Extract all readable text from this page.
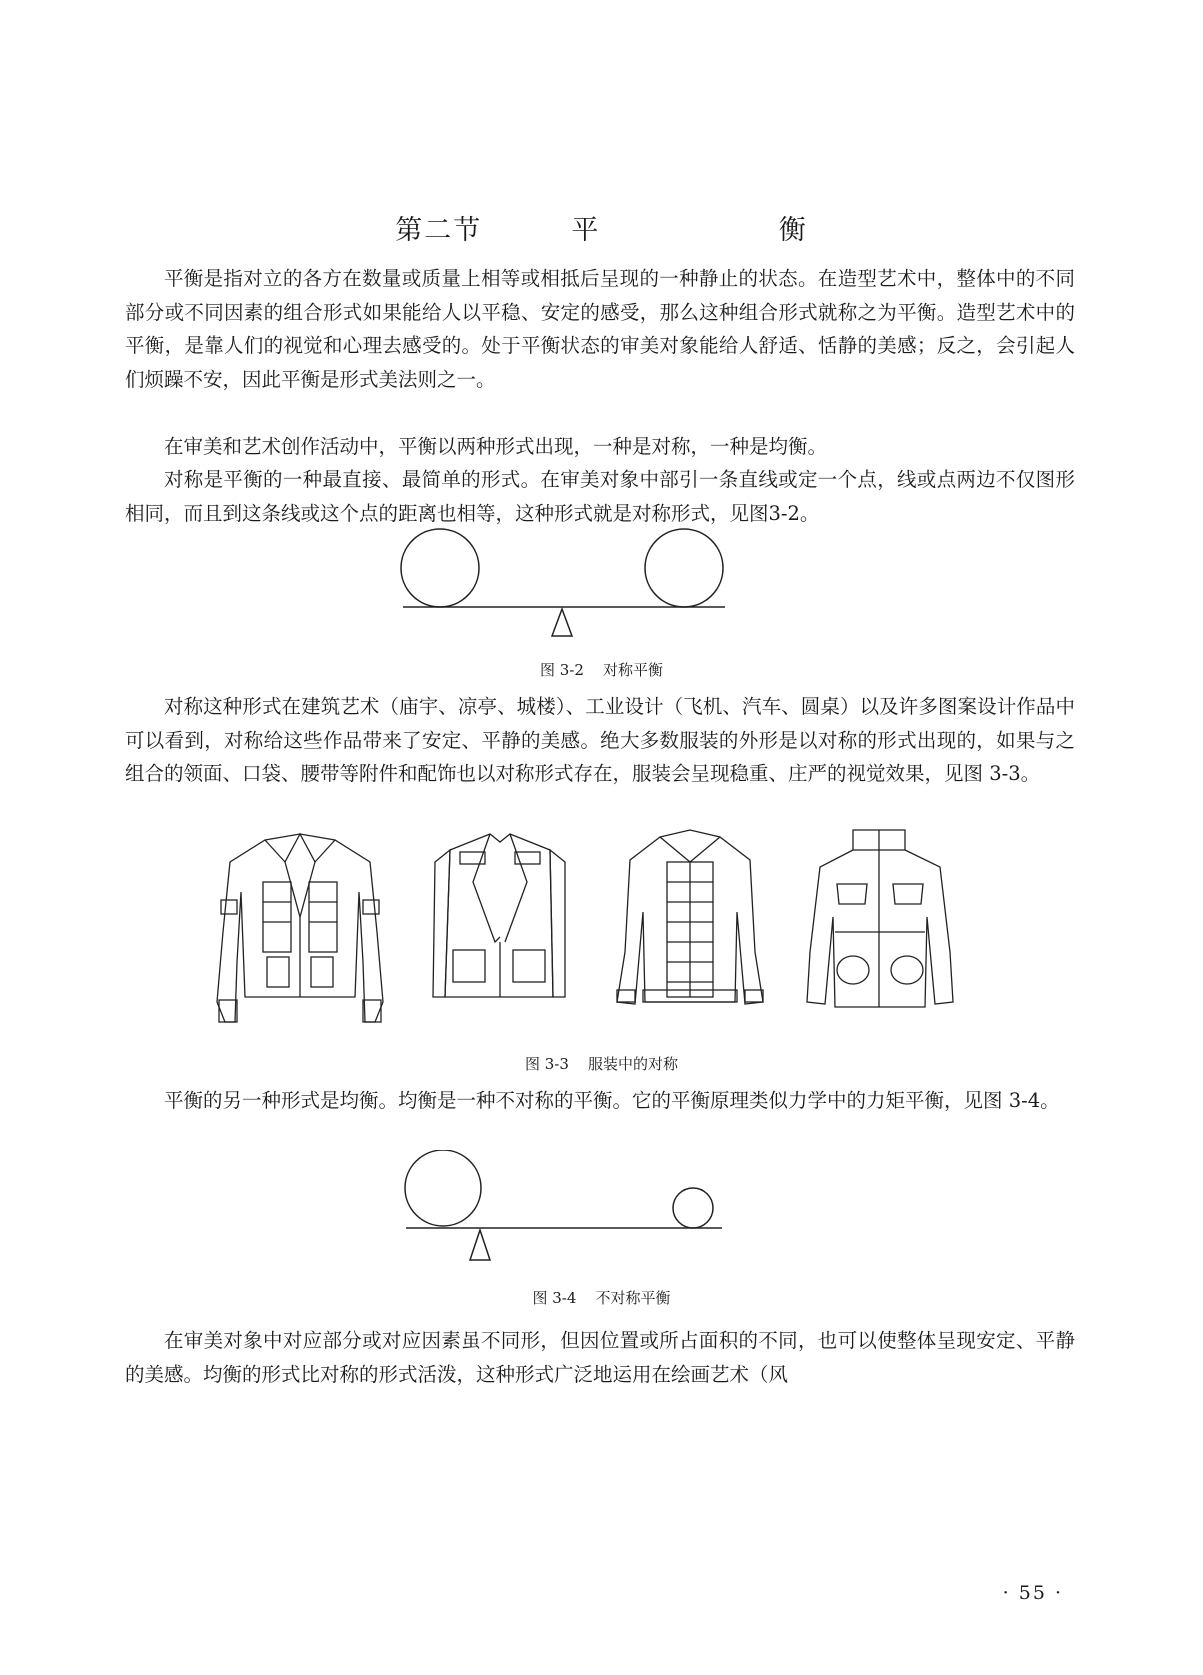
第二节  平    衡

平衡是指对立的各方在数量或质量上相等或相抵后呈现的一种静止的状态。在造型艺术中，整体中的不同部分或不同因素的组合形式如果能给人以平稳、安定的感受，那么这种组合形式就称之为平衡。造型艺术中的平衡，是靠人们的视觉和心理去感受的。处于平衡状态的审美对象能给人舒适、恬静的美感；反之，会引起人们烦躁不安，因此平衡是形式美法则之一。

在审美和艺术创作活动中，平衡以两种形式出现，一种是对称，一种是均衡。

对称是平衡的一种最直接、最简单的形式。在审美对象中部引一条直线或定一个点，线或点两边不仅图形相同，而且到这条线或这个点的距离也相等，这种形式就是对称形式，见图3-2。

图 3-2    对称平衡

对称这种形式在建筑艺术（庙宇、凉亭、城楼）、工业设计（飞机、汽车、圆桌）以及许多图案设计作品中可以看到，对称给这些作品带来了安定、平静的美感。绝大多数服装的外形是以对称的形式出现的，如果与之组合的领面、口袋、腰带等附件和配饰也以对称形式存在，服装会呈现稳重、庄严的视觉效果，见图 3-3。

图 3-3    服装中的对称

平衡的另一种形式是均衡。均衡是一种不对称的平衡。它的平衡原理类似力学中的力矩平衡，见图 3-4。

图 3-4    不对称平衡

在审美对象中对应部分或对应因素虽不同形，但因位置或所占面积的不同，也可以使整体呈现安定、平静的美感。均衡的形式比对称的形式活泼，这种形式广泛地运用在绘画艺术（风

· 55 ·
